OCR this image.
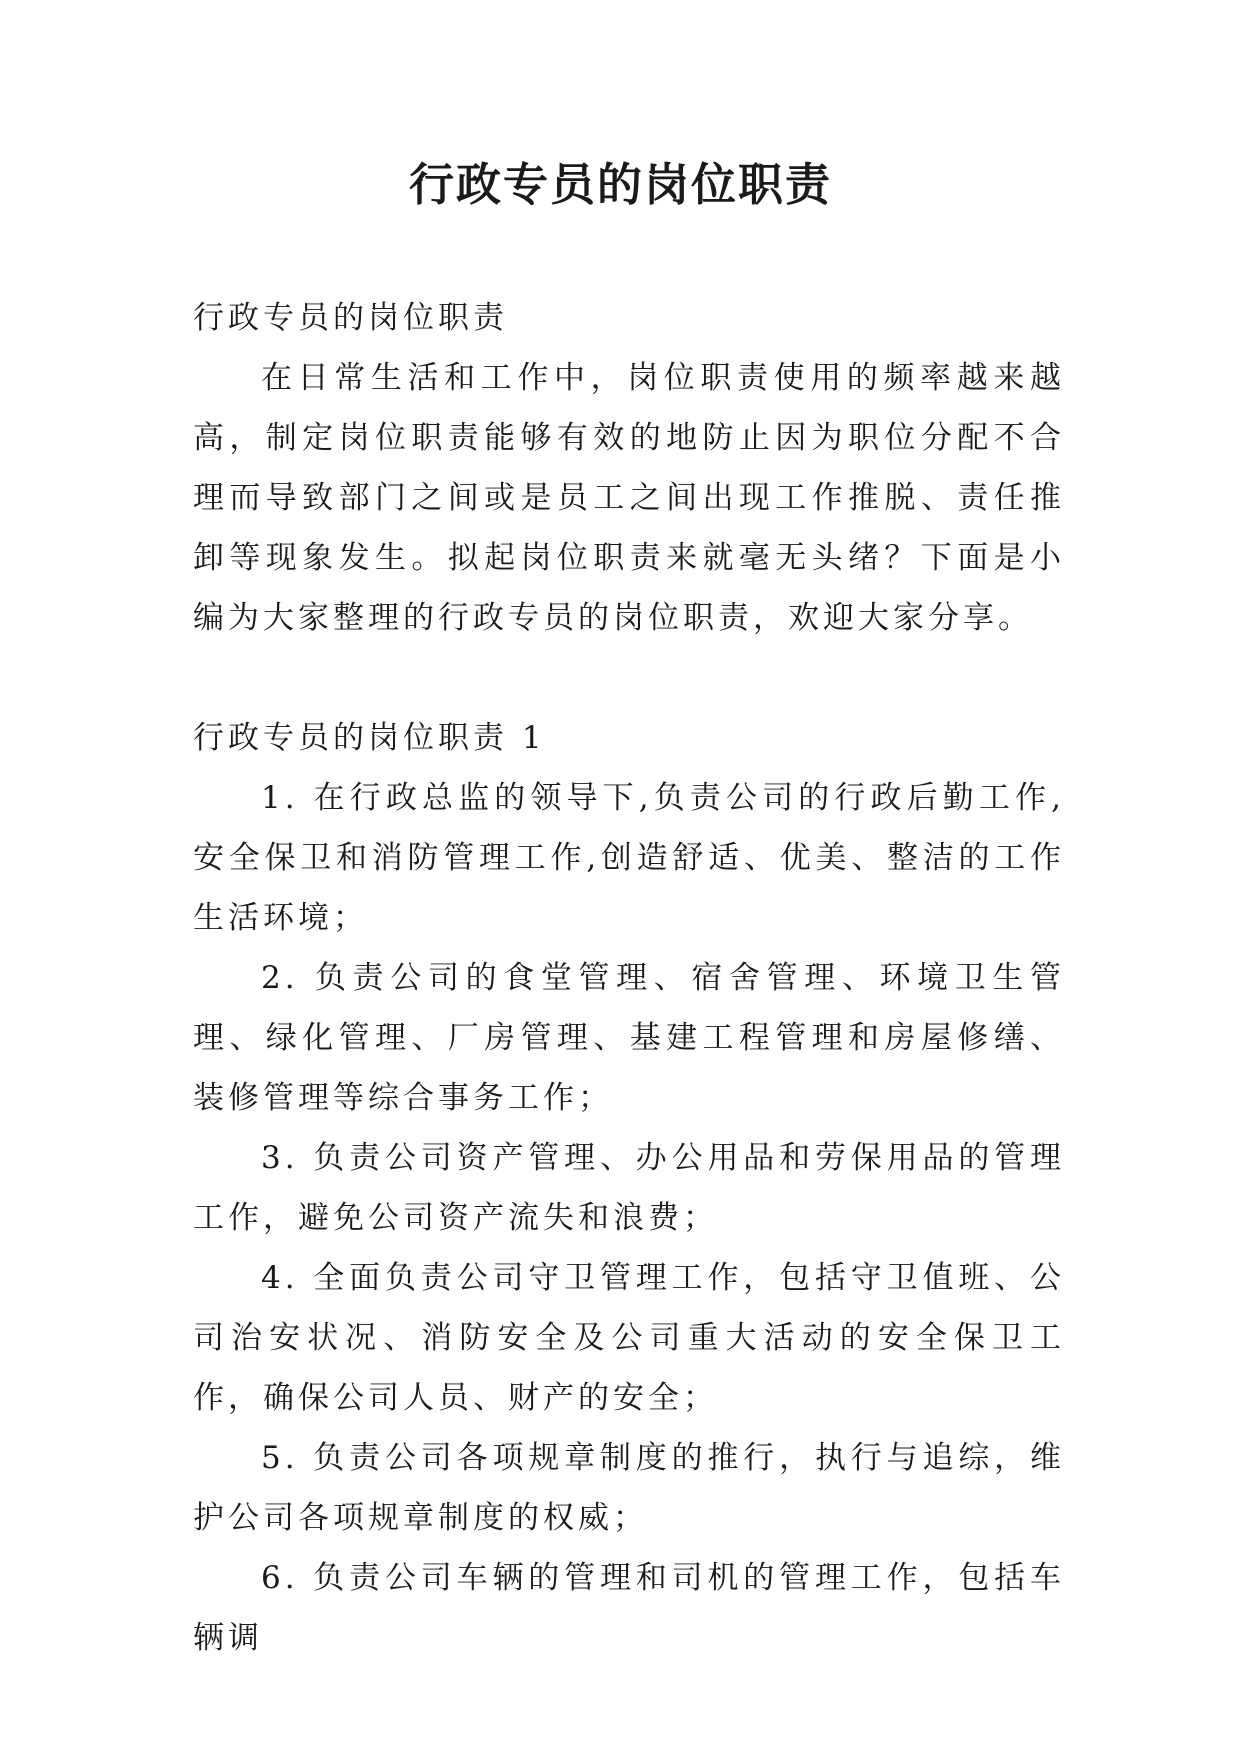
行政专员的岗位职责

行政专员的岗位职责

在日常生活和工作中，岗位职责使用的频率越来越高，制定岗位职责能够有效的地防止因为职位分配不合理而导致部门之间或是员工之间出现工作推脱、责任推卸等现象发生。拟起岗位职责来就毫无头绪？下面是小编为大家整理的行政专员的岗位职责，欢迎大家分享。

行政专员的岗位职责 1

1. 在行政总监的领导下,负责公司的行政后勤工作,安全保卫和消防管理工作,创造舒适、优美、整洁的工作生活环境；

2. 负责公司的食堂管理、宿舍管理、环境卫生管理、绿化管理、厂房管理、基建工程管理和房屋修缮、装修管理等综合事务工作；

3. 负责公司资产管理、办公用品和劳保用品的管理工作，避免公司资产流失和浪费；

4. 全面负责公司守卫管理工作，包括守卫值班、公司治安状况、消防安全及公司重大活动的安全保卫工作，确保公司人员、财产的安全；

5. 负责公司各项规章制度的推行，执行与追综，维护公司各项规章制度的权威；

6. 负责公司车辆的管理和司机的管理工作，包括车辆调
